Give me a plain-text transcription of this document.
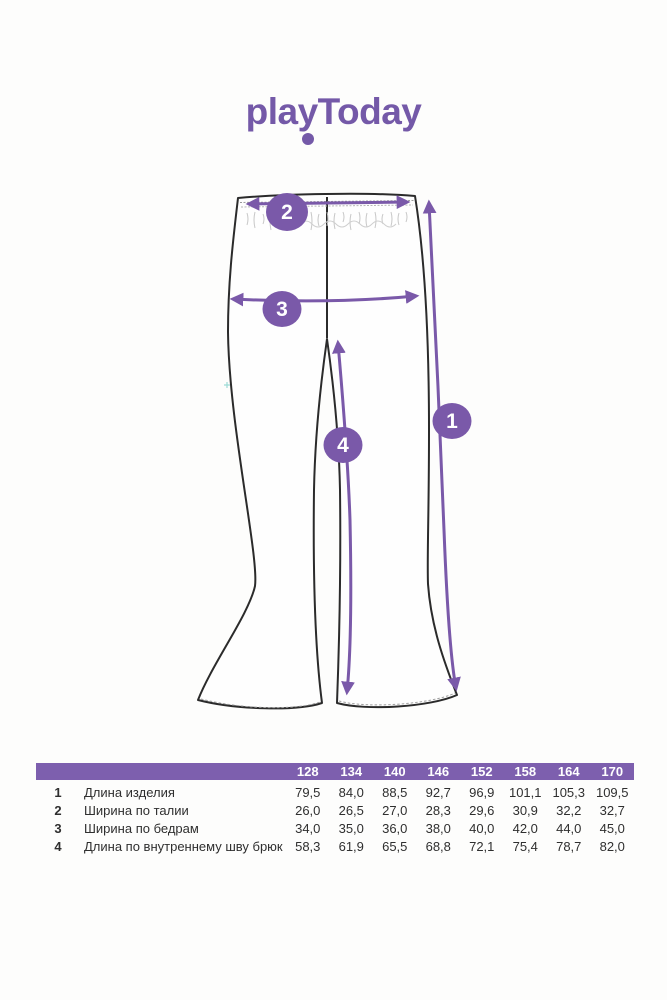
play
Today
2
3
4
1
128	134	140	146	152	158	164	170
1	Длина изделия	79,5	84,0	88,5	92,7	96,9	101,1 105,3 109,5
2	Ширина по талии	26,0	26,5	27,0	28,3	29,6	30,9	32,2	32,7
3	Ширина по бедрам	34,0	35,0	36,0	38,0	40,0	42,0	44,0	45,0
4	Длина по внутреннему шву брюк 58,3	61,9	65,5	68,8	72,1	75,4	78,7	82,0
